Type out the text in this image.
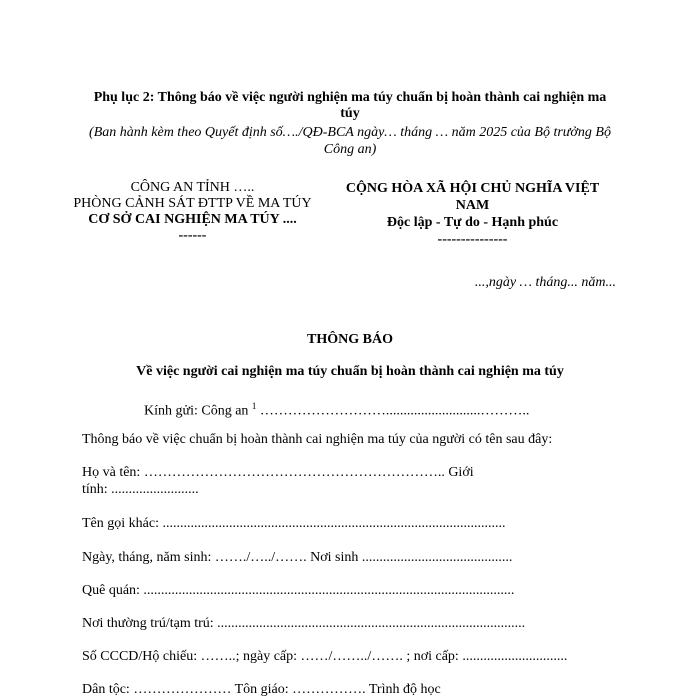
Phụ lục 2: Thông báo về việc người nghiện ma túy chuẩn bị hoàn thành cai nghiện ma túy
(Ban hành kèm theo Quyết định số…./QĐ-BCA ngày… tháng … năm 2025 của Bộ trưởng Bộ Công an)
CÔNG AN TỈNH …..
PHÒNG CẢNH SÁT ĐTTP VỀ MA TÚY
CƠ SỞ CAI NGHIỆN MA TÚY ....
------
CỘNG HÒA XÃ HỘI CHỦ NGHĨA VIỆT NAM
Độc lập - Tự do - Hạnh phúc
---------------
...,ngày … tháng... năm...
THÔNG BÁO
Về việc người cai nghiện ma túy chuẩn bị hoàn thành cai nghiện ma túy
Kính gửi: Công an $^1$ ………………………...........................………..
Thông báo về việc chuẩn bị hoàn thành cai nghiện ma túy của người có tên sau đây:
Họ và tên: ……………………………………………………….. Giới
tính: .........................
Tên gọi khác: ..................................................................................................
Ngày, tháng, năm sinh: ……./…../……. Nơi sinh ...........................................
Quê quán: ..........................................................................................................
Nơi thường trú/tạm trú: ........................................................................................
Số CCCD/Hộ chiếu: ……..; ngày cấp: ……/……../……. ; nơi cấp: ..............................
Dân tộc: ………………… Tôn giáo: ……………. Trình độ học
